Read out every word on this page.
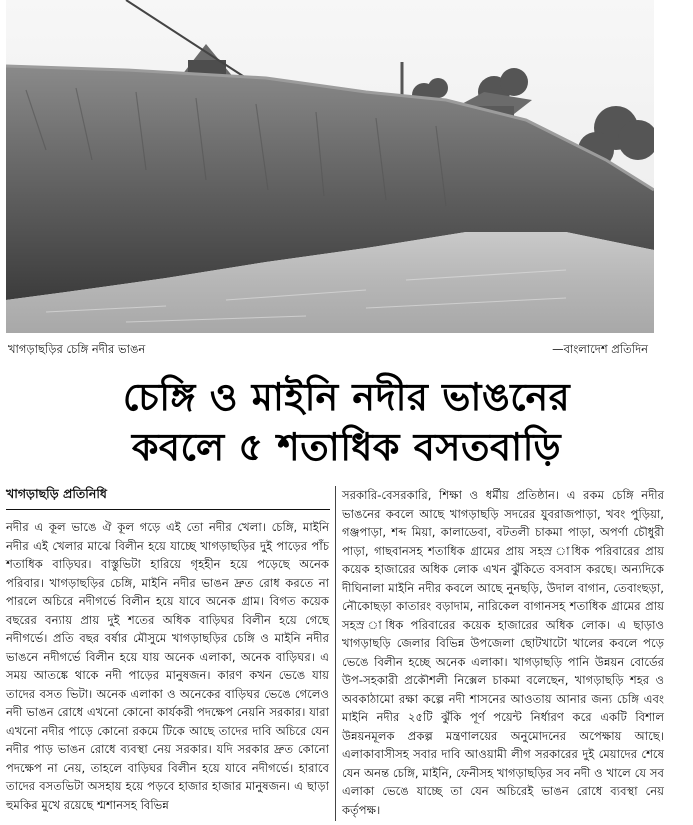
খাগড়াছড়ির চেঙ্গি নদীর ভাঙন	—বাংলাদেশ প্রতিদিন
চেঙ্গি ও মাইনি নদীর ভাঙনের
কবলে ৫ শতাধিক বসতবাড়ি
খাগড়াছড়ি প্রতিনিধি

নদীর এ কূল ভাঙে ঐ কূল গড়ে এই তো নদীর খেলা। চেঙ্গি, মাইনি নদীর এই খেলার মাঝে বিলীন হয়ে যাচ্ছে খাগড়াছড়ির দুই পাড়ের পাঁচ শতাধিক বাড়িঘর। বাস্তুভিটা হারিয়ে গৃহহীন হয়ে পড়েছে অনেক পরিবার। খাগড়াছড়ির চেঙ্গি, মাইনি নদীর ভাঙন দ্রুত রোধ করতে না পারলে অচিরে নদীগর্ভে বিলীন হয়ে যাবে অনেক গ্রাম। বিগত কয়েক বছরের বন্যায় প্রায় দুই শতের অধিক বাড়িঘর বিলীন হয়ে গেছে নদীগর্ভে। প্রতি বছর বর্ষার মৌসুমে খাগড়াছড়ির চেঙ্গি ও মাইনি নদীর ভাঙনে নদীগর্ভে বিলীন হয়ে যায় অনেক এলাকা, অনেক বাড়িঘর। এ সময় আতঙ্কে থাকে নদী পাড়ের মানুষজন। কারণ কখন ভেঙে যায় তাদের বসত ভিটা। অনেক এলাকা ও অনেকের বাড়িঘর ভেঙে গেলেও নদী ভাঙন রোধে এখনো কোনো কার্যকরী পদক্ষেপ নেয়নি সরকার। যারা এখনো নদীর পাড়ে কোনো রকমে টিকে আছে তাদের দাবি অচিরে যেন নদীর পাড় ভাঙন রোধে ব্যবস্থা নেয় সরকার। যদি সরকার দ্রুত কোনো পদক্ষেপ না নেয়, তাহলে বাড়িঘর বিলীন হয়ে যাবে নদীগর্ভে। হারাবে তাদের বসতভিটা অসহায় হয়ে পড়বে হাজার হাজার মানুষজন। এ ছাড়া হুমকির মুখে রয়েছে শ্মশানসহ বিভিন্ন

সরকারি-বেসরকারি, শিক্ষা ও ধর্মীয় প্রতিষ্ঠান। এ রকম চেঙ্গি নদীর ভাঙনের কবলে আছে খাগড়াছড়ি সদরের যুবরাজপাড়া, খবং পুড়িয়া, গঞ্জপাড়া, শব্দ মিয়া, কালাডেবা, বটতলী চাকমা পাড়া, অপর্ণা চৌধুরী পাড়া, গাছবানসহ শতাধিক গ্রামের প্রায় সহস্র াধিক পরিবারের প্রায় কয়েক হাজারের অধিক লোক এখন ঝুঁকিতে বসবাস করছে। অন্যদিকে দীঘিনালা মাইনি নদীর কবলে আছে নুনছড়ি, উদাল বাগান, তেবাংছড়া, নৌকোছড়া কাতারং বড়াদাম, নারিকেল বাগানসহ শতাধিক গ্রামের প্রায় সহস্র াধিক পরিবারের কয়েক হাজারের অধিক লোক। এ ছাড়াও খাগড়াছড়ি জেলার বিভিন্ন উপজেলা ছোটখাটো খালের কবলে পড়ে ভেঙে বিলীন হচ্ছে অনেক এলাকা। খাগড়াছড়ি পানি উন্নয়ন বোর্ডের উপ-সহকারী প্রকৌশলী নিক্সেল চাকমা বলেছেন, খাগড়াছড়ি শহর ও অবকাঠামো রক্ষা কল্পে নদী শাসনের আওতায় আনার জন্য চেঙ্গি এবং মাইনি নদীর ২৫টি ঝুঁকি পূর্ণ পয়েন্ট নির্ধারণ করে একটি বিশাল উন্নয়নমূলক প্রকল্প মন্ত্রণালয়ের অনুমোদনের অপেক্ষায় আছে। এলাকাবাসীসহ সবার দাবি আওয়ামী লীগ সরকারের দুই মেয়াদের শেষে যেন অনন্ত চেঙ্গি, মাইনি, ফেনীসহ খাগড়াছড়ির সব নদী ও খালে যে সব এলাকা ভেঙে যাচ্ছে তা যেন অচিরেই ভাঙন রোধে ব্যবস্থা নেয় কর্তৃপক্ষ।
